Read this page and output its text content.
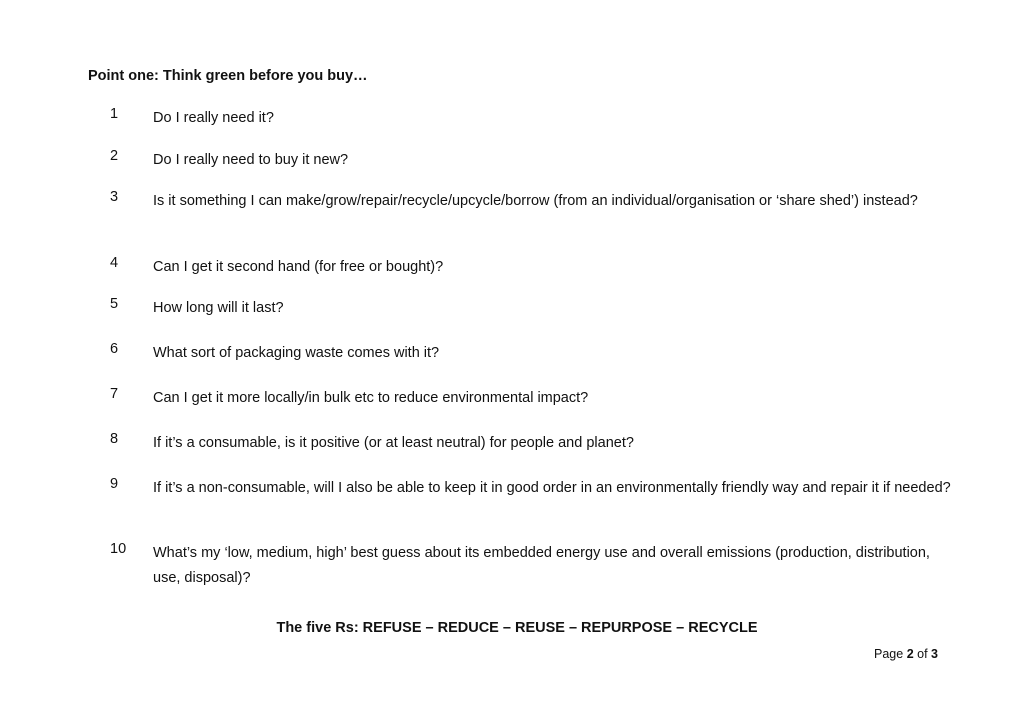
Point one: Think green before you buy…
1 Do I really need it?
2 Do I really need to buy it new?
3 Is it something I can make/grow/repair/recycle/upcycle/borrow (from an individual/organisation or ‘share shed’) instead?
4 Can I get it second hand (for free or bought)?
5 How long will it last?
6 What sort of packaging waste comes with it?
7 Can I get it more locally/in bulk etc to reduce environmental impact?
8 If it’s a consumable, is it positive (or at least neutral) for people and planet?
9 If it’s a non-consumable, will I also be able to keep it in good order in an environmentally friendly way and repair it if needed?
10 What’s my ‘low, medium, high’ best guess about its embedded energy use and overall emissions (production, distribution, use, disposal)?
The five Rs: REFUSE – REDUCE – REUSE – REPURPOSE – RECYCLE
Page 2 of 3
